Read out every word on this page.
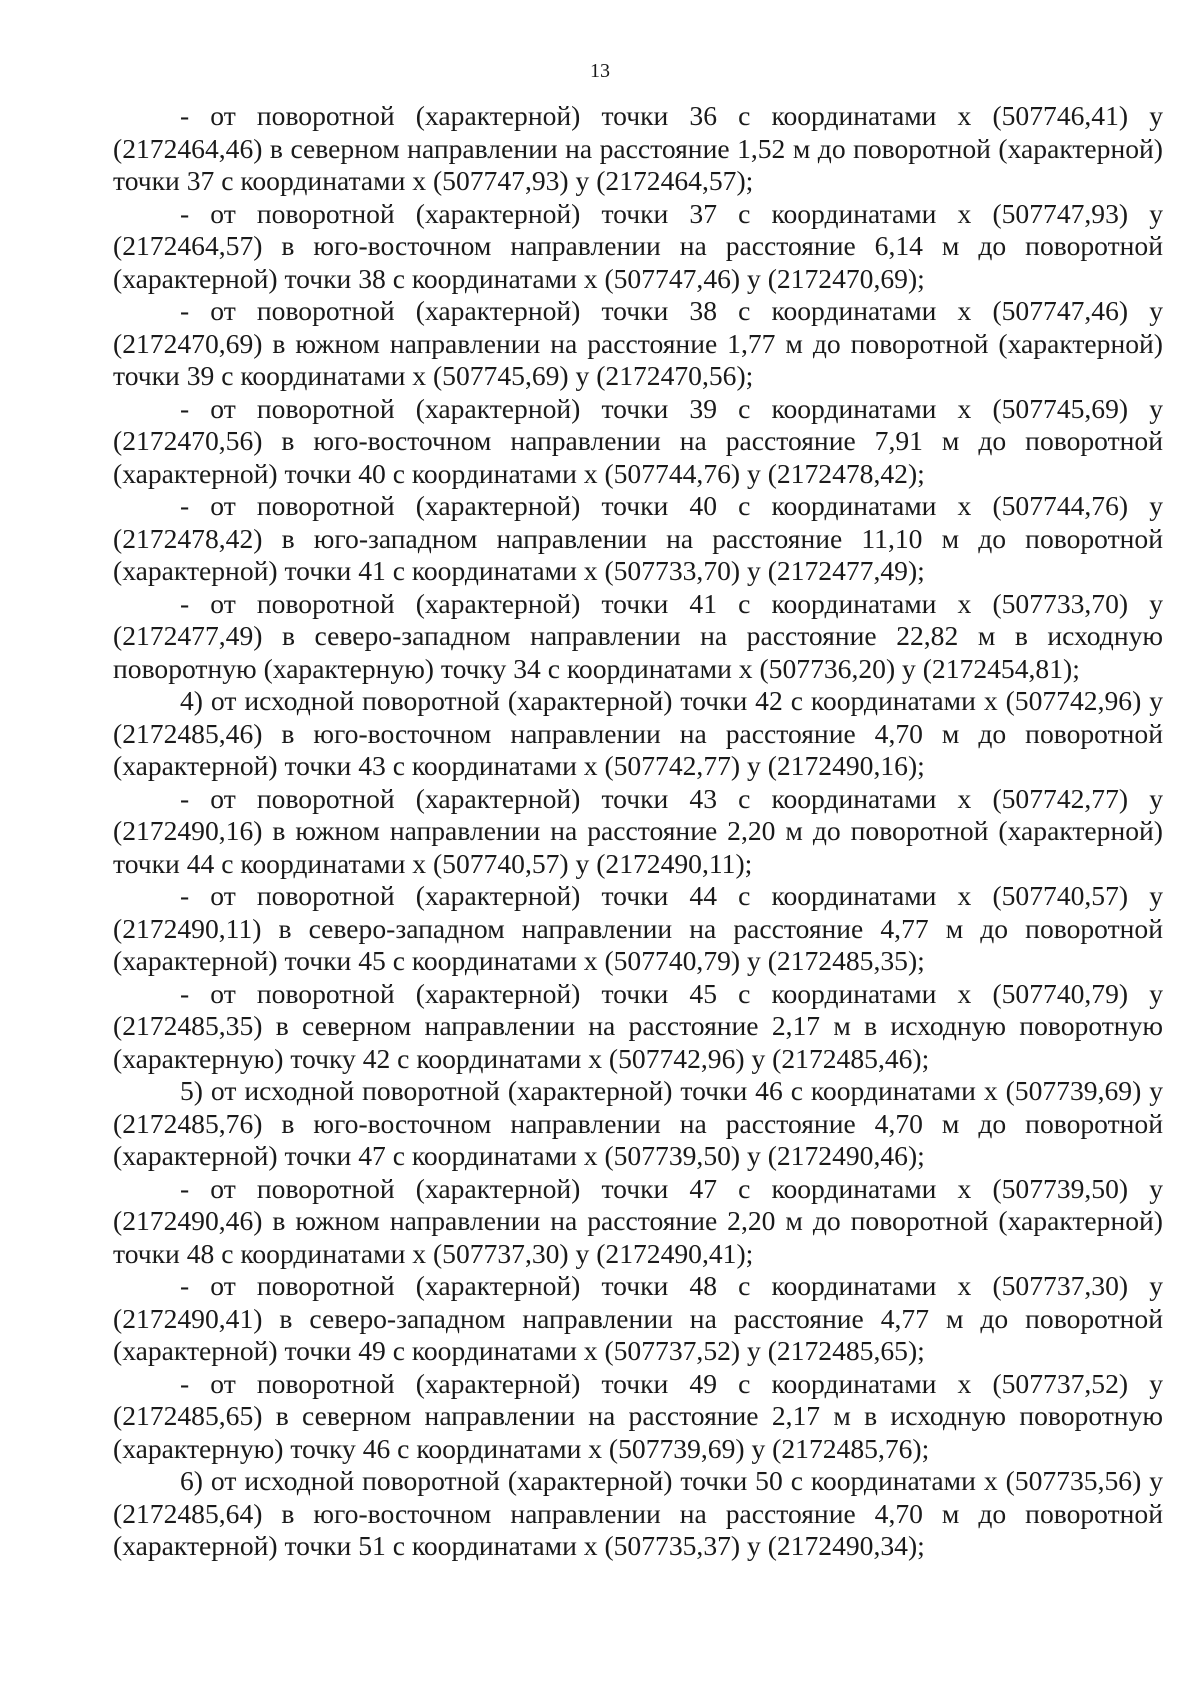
13

- от поворотной (характерной) точки 36 с координатами x (507746,41) y (2172464,46) в северном направлении на расстояние 1,52 м до поворотной (характерной) точки 37 с координатами x (507747,93) y (2172464,57);

- от поворотной (характерной) точки 37 с координатами x (507747,93) y (2172464,57) в юго-восточном направлении на расстояние 6,14 м до поворотной (характерной) точки 38 с координатами x (507747,46) y (2172470,69);

- от поворотной (характерной) точки 38 с координатами x (507747,46) y (2172470,69) в южном направлении на расстояние 1,77 м до поворотной (характерной) точки 39 с координатами x (507745,69) y (2172470,56);

- от поворотной (характерной) точки 39 с координатами x (507745,69) y (2172470,56) в юго-восточном направлении на расстояние 7,91 м до поворотной (характерной) точки 40 с координатами x (507744,76) y (2172478,42);

- от поворотной (характерной) точки 40 с координатами x (507744,76) y (2172478,42) в юго-западном направлении на расстояние 11,10 м до поворотной (характерной) точки 41 с координатами x (507733,70) y (2172477,49);

- от поворотной (характерной) точки 41 с координатами x (507733,70) y (2172477,49) в северо-западном направлении на расстояние 22,82 м в исходную поворотную (характерную) точку 34 с координатами x (507736,20) y (2172454,81);

4) от исходной поворотной (характерной) точки 42 с координатами x (507742,96) y (2172485,46) в юго-восточном направлении на расстояние 4,70 м до поворотной (характерной) точки 43 с координатами x (507742,77) y (2172490,16);

- от поворотной (характерной) точки 43 с координатами x (507742,77) y (2172490,16) в южном направлении на расстояние 2,20 м до поворотной (характерной) точки 44 с координатами x (507740,57) y (2172490,11);

- от поворотной (характерной) точки 44 с координатами x (507740,57) y (2172490,11) в северо-западном направлении на расстояние 4,77 м до поворотной (характерной) точки 45 с координатами x (507740,79) y (2172485,35);

- от поворотной (характерной) точки 45 с координатами x (507740,79) y (2172485,35) в северном направлении на расстояние 2,17 м в исходную поворотную (характерную) точку 42 с координатами x (507742,96) y (2172485,46);

5) от исходной поворотной (характерной) точки 46 с координатами x (507739,69) y (2172485,76) в юго-восточном направлении на расстояние 4,70 м до поворотной (характерной) точки 47 с координатами x (507739,50) y (2172490,46);

- от поворотной (характерной) точки 47 с координатами x (507739,50) y (2172490,46) в южном направлении на расстояние 2,20 м до поворотной (характерной) точки 48 с координатами x (507737,30) y (2172490,41);

- от поворотной (характерной) точки 48 с координатами x (507737,30) y (2172490,41) в северо-западном направлении на расстояние 4,77 м до поворотной (характерной) точки 49 с координатами x (507737,52) y (2172485,65);

- от поворотной (характерной) точки 49 с координатами x (507737,52) y (2172485,65) в северном направлении на расстояние 2,17 м в исходную поворотную (характерную) точку 46 с координатами x (507739,69) y (2172485,76);

6) от исходной поворотной (характерной) точки 50 с координатами x (507735,56) y (2172485,64) в юго-восточном направлении на расстояние 4,70 м до поворотной (характерной) точки 51 с координатами x (507735,37) y (2172490,34);
